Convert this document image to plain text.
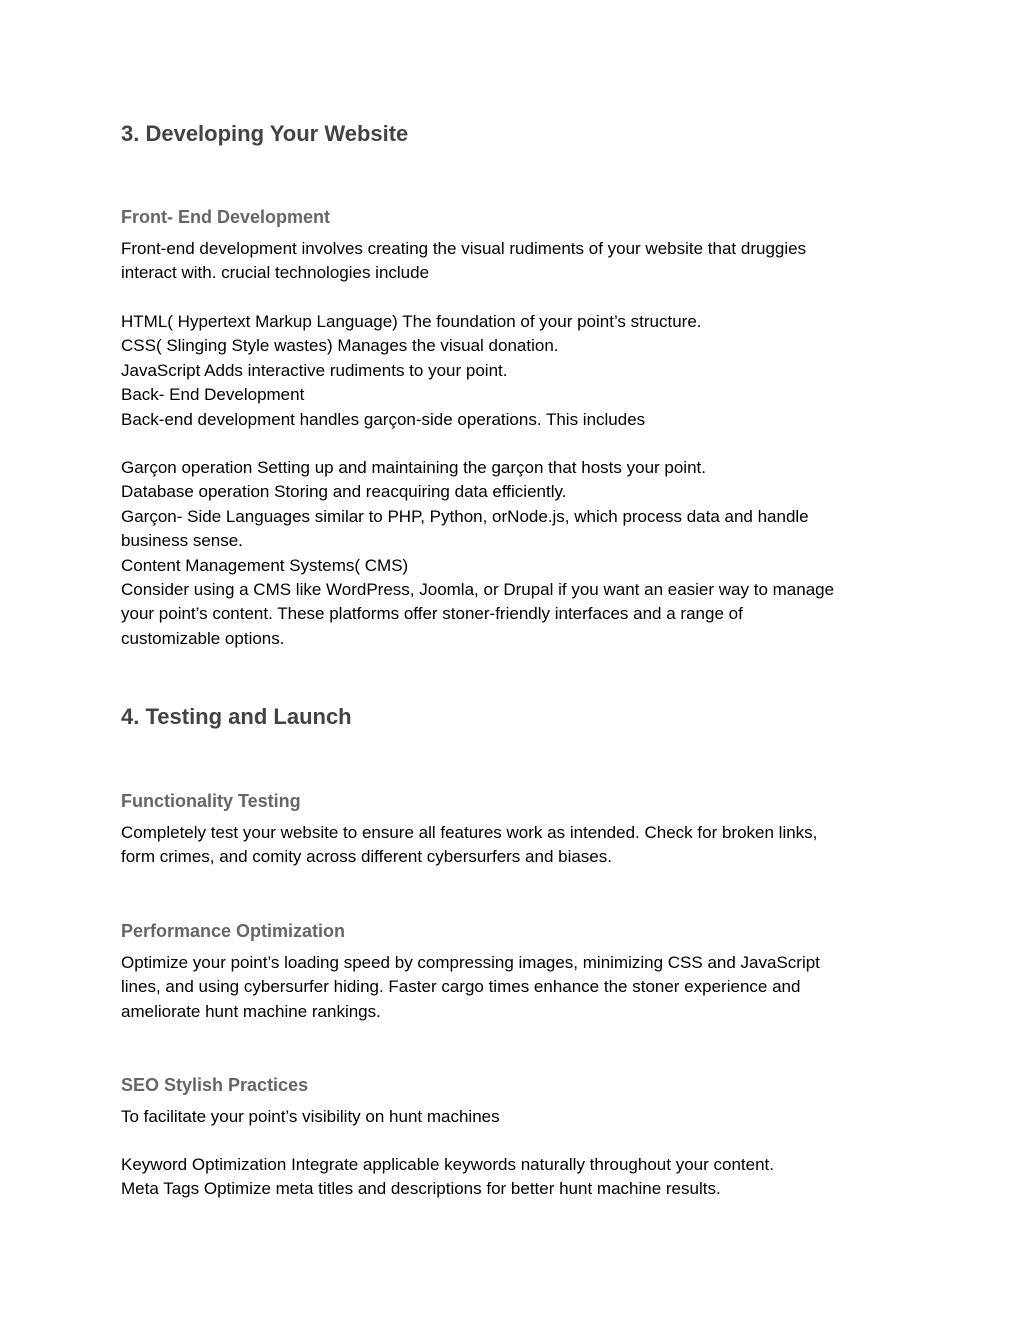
3. Developing Your Website
Front- End Development

Front-end development involves creating the visual rudiments of your website that druggies
interact with. crucial technologies include

HTML( Hypertext Markup Language) The foundation of your point’s structure.
CSS( Slinging Style wastes) Manages the visual donation.
JavaScript Adds interactive rudiments to your point.
Back- End Development
Back-end development handles garçon-side operations. This includes

Garçon operation Setting up and maintaining the garçon that hosts your point.
Database operation Storing and reacquiring data efficiently.
Garçon- Side Languages similar to PHP, Python, orNode.js, which process data and handle
business sense.
Content Management Systems( CMS)
Consider using a CMS like WordPress, Joomla, or Drupal if you want an easier way to manage
your point’s content. These platforms offer stoner-friendly interfaces and a range of
customizable options.

4. Testing and Launch
Functionality Testing

Completely test your website to ensure all features work as intended. Check for broken links,
form crimes, and comity across different cybersurfers and biases.

Performance Optimization

Optimize your point’s loading speed by compressing images, minimizing CSS and JavaScript
lines, and using cybersurfer hiding. Faster cargo times enhance the stoner experience and
ameliorate hunt machine rankings.

SEO Stylish Practices

To facilitate your point’s visibility on hunt machines

Keyword Optimization Integrate applicable keywords naturally throughout your content.
Meta Tags Optimize meta titles and descriptions for better hunt machine results.
